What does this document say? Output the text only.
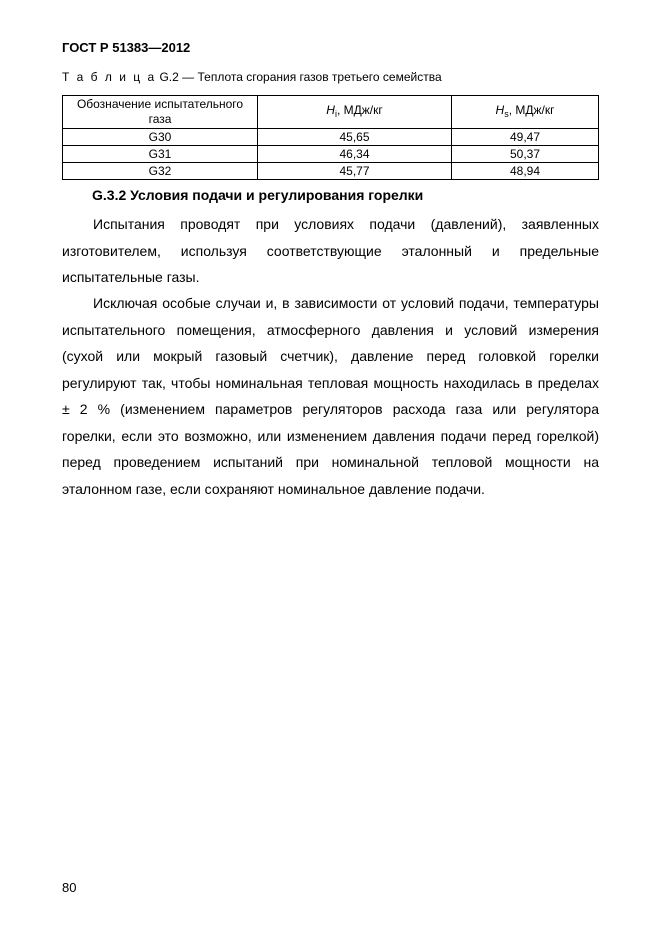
ГОСТ Р 51383—2012
Т а б л и ц а G.2 — Теплота сгорания газов третьего семейства
Обозначение испытательного газа	$H_i$, МДж/кг	$H_s$, МДж/кг
G30	45,65	49,47
G31	46,34	50,37
G32	45,77	48,94
G.3.2 Условия подачи и регулирования горелки

Испытания проводят при условиях подачи (давлений), заявленных изготовителем, используя соответствующие эталонный и предельные испытательные газы.

Исключая особые случаи и, в зависимости от условий подачи, температуры испытательного помещения, атмосферного давления и условий измерения (сухой или мокрый газовый счетчик), давление перед головкой горелки регулируют так, чтобы номинальная тепловая мощность находилась в пределах ± 2 % (изменением параметров регуляторов расхода газа или регулятора горелки, если это возможно, или изменением давления подачи перед горелкой) перед проведением испытаний при номинальной тепловой мощности на эталонном газе, если сохраняют номинальное давление подачи.

80
